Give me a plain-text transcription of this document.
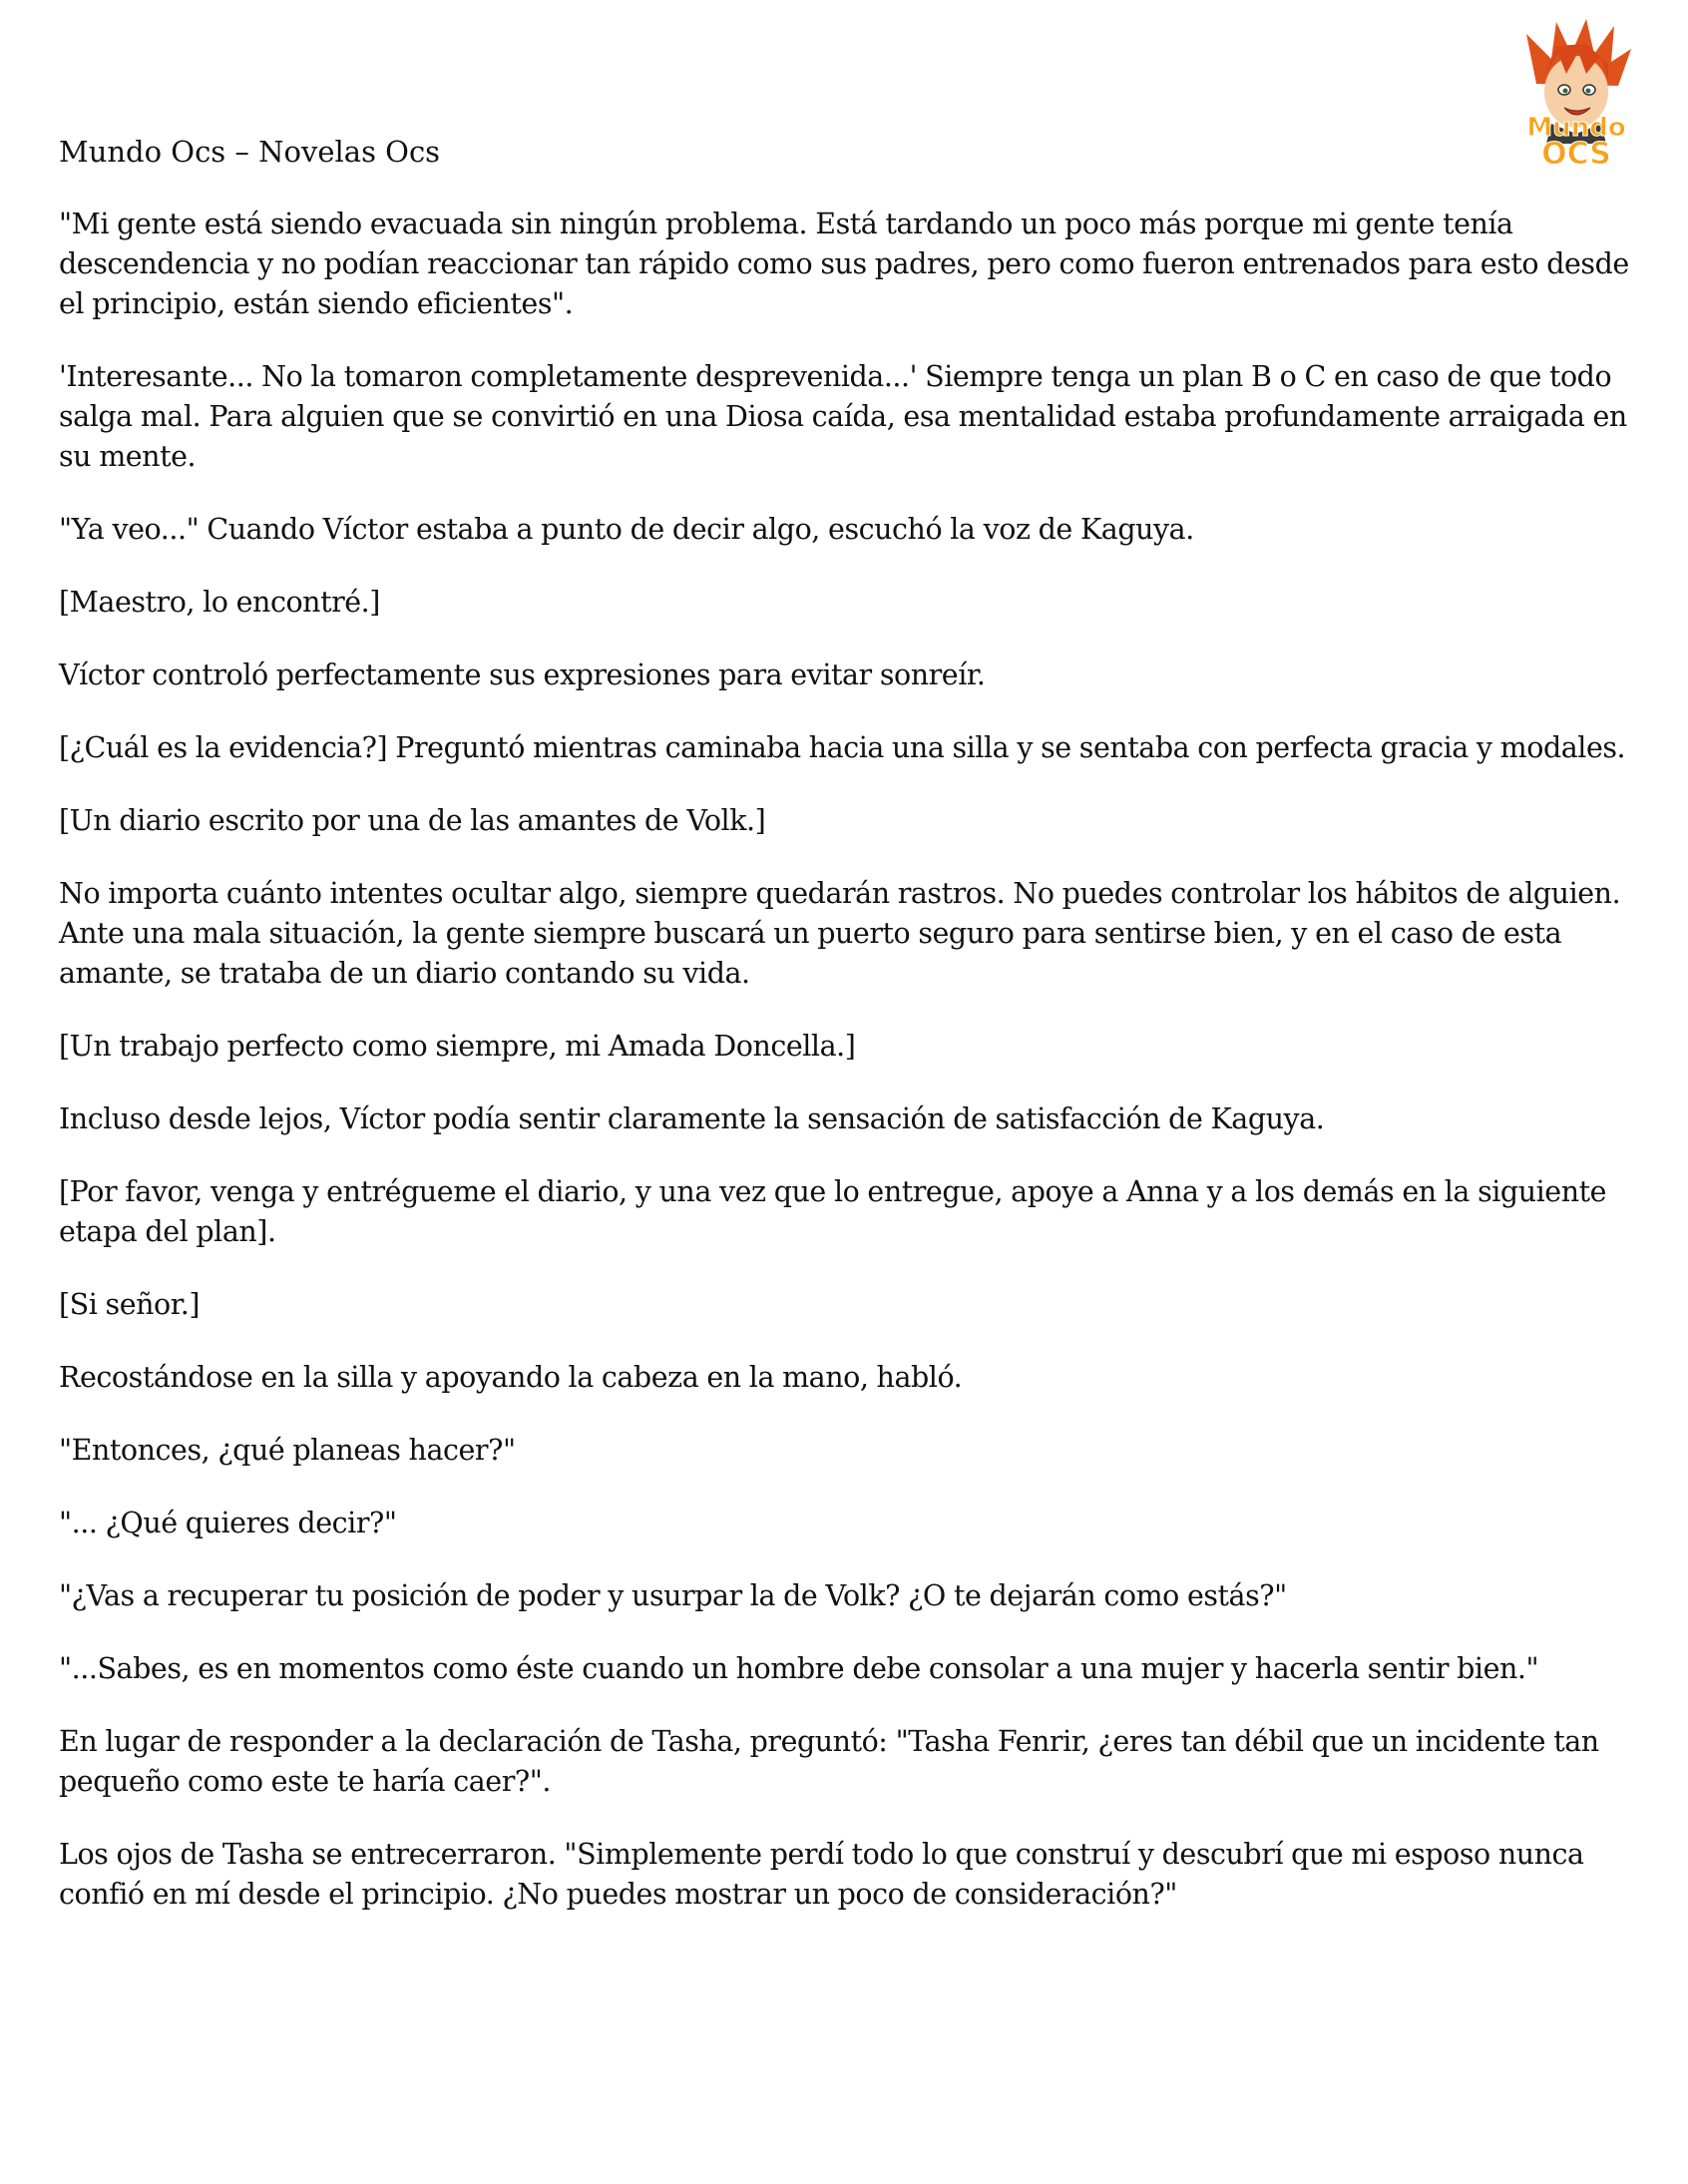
Mundo Ocs – Novelas Ocs
Mundo
OCS

"Mi gente está siendo evacuada sin ningún problema. Está tardando un poco más porque mi gente tenía descendencia y no podían reaccionar tan rápido como sus padres, pero como fueron entrenados para esto desde el principio, están siendo eficientes".

'Interesante... No la tomaron completamente desprevenida...' Siempre tenga un plan B o C en caso de que todo salga mal. Para alguien que se convirtió en una Diosa caída, esa mentalidad estaba profundamente arraigada en su mente.

"Ya veo..." Cuando Víctor estaba a punto de decir algo, escuchó la voz de Kaguya.

[Maestro, lo encontré.]

Víctor controló perfectamente sus expresiones para evitar sonreír.

[¿Cuál es la evidencia?] Preguntó mientras caminaba hacia una silla y se sentaba con perfecta gracia y modales.

[Un diario escrito por una de las amantes de Volk.]

No importa cuánto intentes ocultar algo, siempre quedarán rastros. No puedes controlar los hábitos de alguien. Ante una mala situación, la gente siempre buscará un puerto seguro para sentirse bien, y en el caso de esta amante, se trataba de un diario contando su vida.

[Un trabajo perfecto como siempre, mi Amada Doncella.]

Incluso desde lejos, Víctor podía sentir claramente la sensación de satisfacción de Kaguya.

[Por favor, venga y entrégueme el diario, y una vez que lo entregue, apoye a Anna y a los demás en la siguiente etapa del plan].

[Si señor.]

Recostándose en la silla y apoyando la cabeza en la mano, habló.

"Entonces, ¿qué planeas hacer?"

"... ¿Qué quieres decir?"

"¿Vas a recuperar tu posición de poder y usurpar la de Volk? ¿O te dejarán como estás?"

"...Sabes, es en momentos como éste cuando un hombre debe consolar a una mujer y hacerla sentir bien."

En lugar de responder a la declaración de Tasha, preguntó: "Tasha Fenrir, ¿eres tan débil que un incidente tan pequeño como este te haría caer?".

Los ojos de Tasha se entrecerraron. "Simplemente perdí todo lo que construí y descubrí que mi esposo nunca confió en mí desde el principio. ¿No puedes mostrar un poco de consideración?"
